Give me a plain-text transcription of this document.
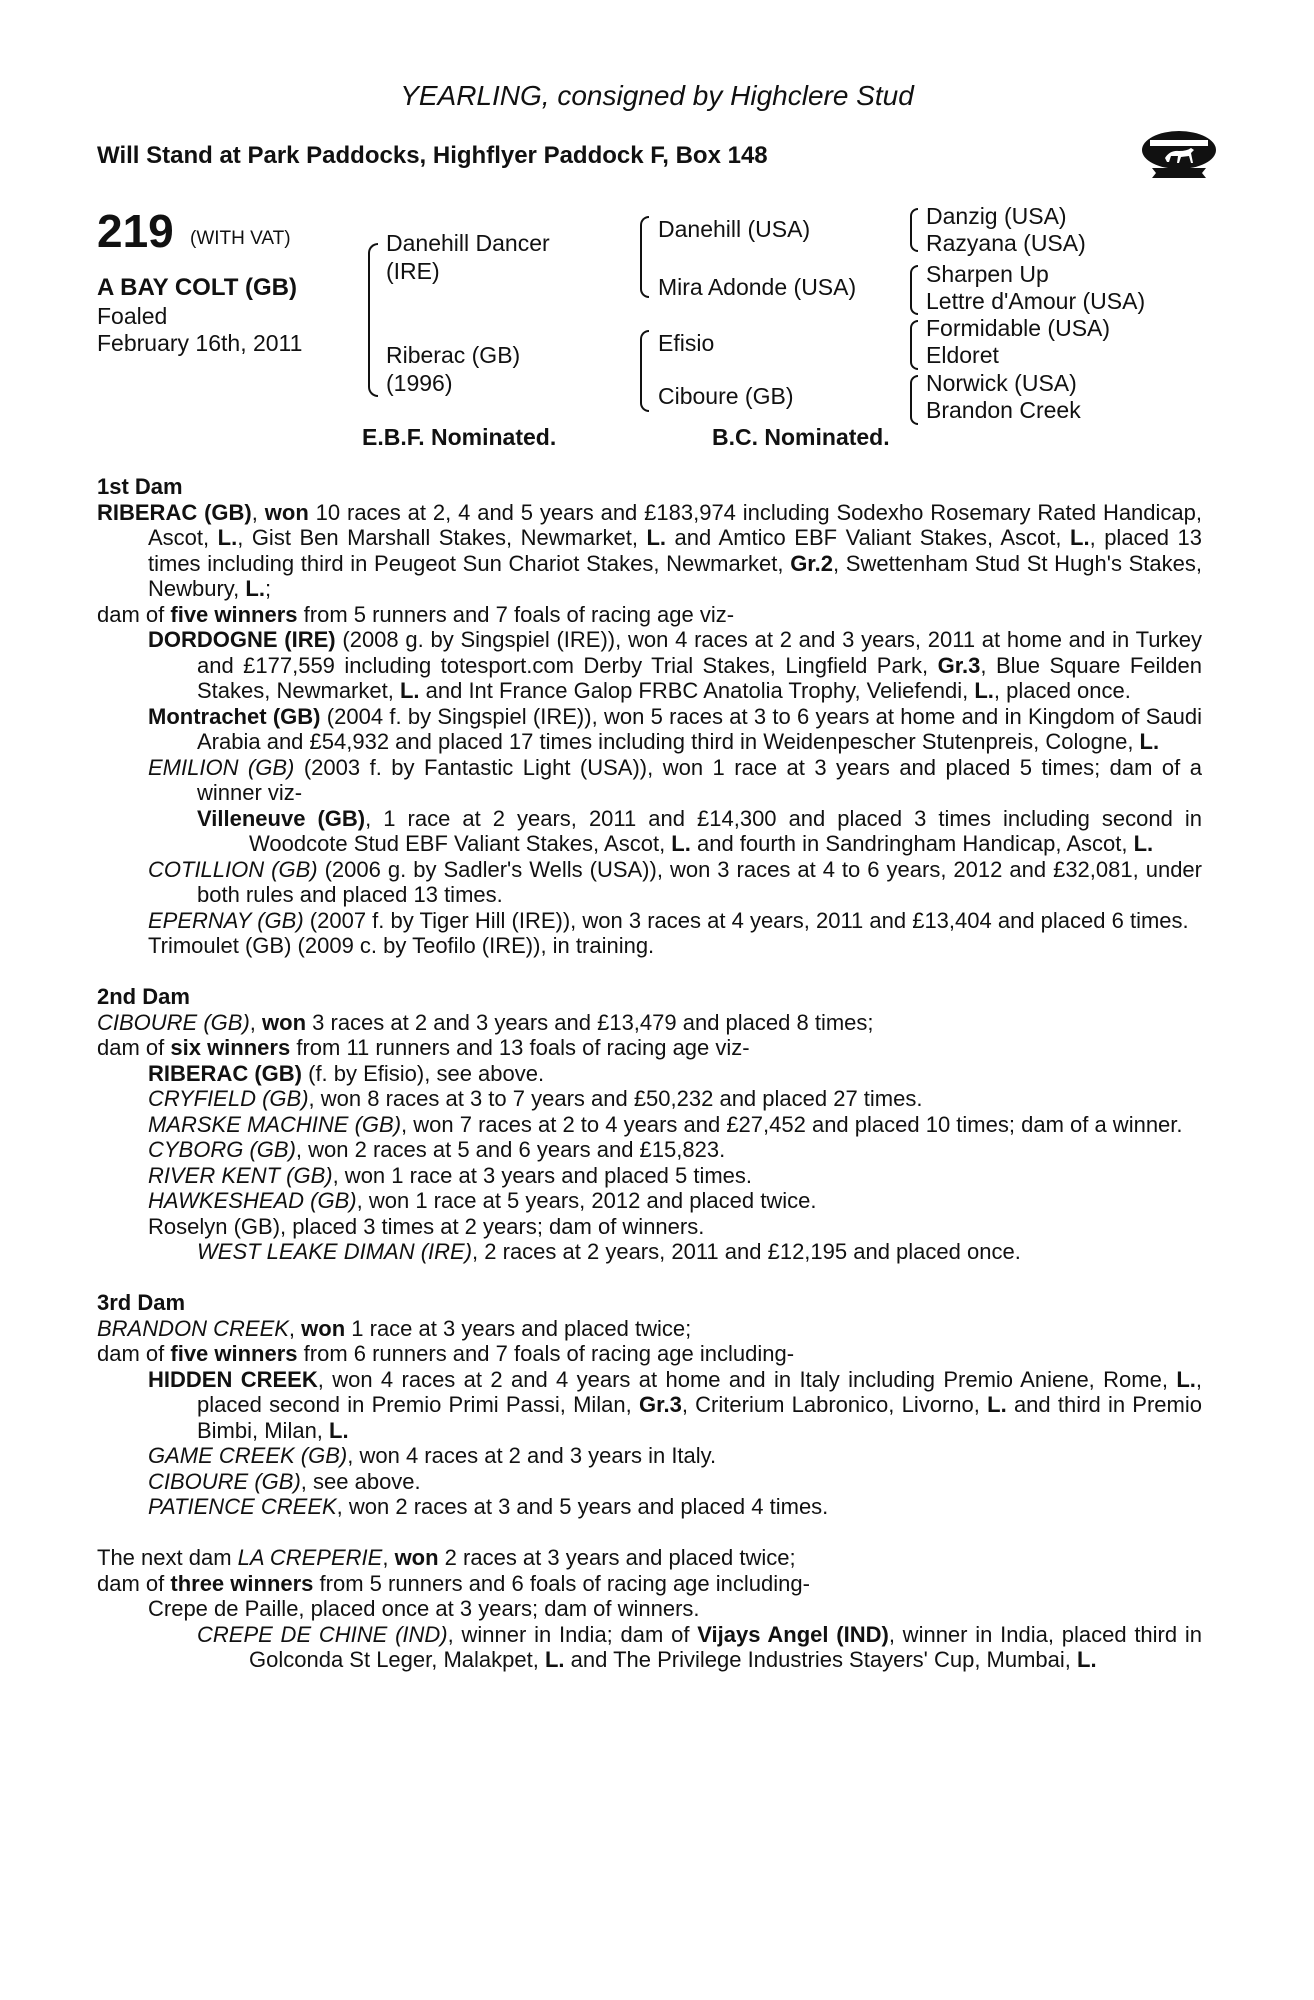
YEARLING, consigned by Highclere Stud
Will Stand at Park Paddocks, Highflyer Paddock F, Box 148
219 (WITH VAT)
A BAY COLT (GB)
Foaled
February 16th, 2011
Danehill Dancer
(IRE)
Riberac (GB)
(1996)
Danehill (USA)
Mira Adonde (USA)
Efisio
Ciboure (GB)
Danzig (USA)
Razyana (USA)
Sharpen Up
Lettre d'Amour (USA)
Formidable (USA)
Eldoret
Norwick (USA)
Brandon Creek
E.B.F. Nominated.	B.C. Nominated.
1st Dam
RIBERAC (GB), won 10 races at 2, 4 and 5 years and £183,974 including Sodexho Rosemary Rated Handicap, Ascot, L., Gist Ben Marshall Stakes, Newmarket, L. and Amtico EBF Valiant Stakes, Ascot, L., placed 13 times including third in Peugeot Sun Chariot Stakes, Newmarket, Gr.2, Swettenham Stud St Hugh's Stakes, Newbury, L.;
dam of five winners from 5 runners and 7 foals of racing age viz-
DORDOGNE (IRE) (2008 g. by Singspiel (IRE)), won 4 races at 2 and 3 years, 2011 at home and in Turkey and £177,559 including totesport.com Derby Trial Stakes, Lingfield Park, Gr.3, Blue Square Feilden Stakes, Newmarket, L. and Int France Galop FRBC Anatolia Trophy, Veliefendi, L., placed once.
Montrachet (GB) (2004 f. by Singspiel (IRE)), won 5 races at 3 to 6 years at home and in Kingdom of Saudi Arabia and £54,932 and placed 17 times including third in Weidenpescher Stutenpreis, Cologne, L.
EMILION (GB) (2003 f. by Fantastic Light (USA)), won 1 race at 3 years and placed 5 times; dam of a winner viz-
Villeneuve (GB), 1 race at 2 years, 2011 and £14,300 and placed 3 times including second in Woodcote Stud EBF Valiant Stakes, Ascot, L. and fourth in Sandringham Handicap, Ascot, L.
COTILLION (GB) (2006 g. by Sadler's Wells (USA)), won 3 races at 4 to 6 years, 2012 and £32,081, under both rules and placed 13 times.
EPERNAY (GB) (2007 f. by Tiger Hill (IRE)), won 3 races at 4 years, 2011 and £13,404 and placed 6 times.
Trimoulet (GB) (2009 c. by Teofilo (IRE)), in training.
2nd Dam
CIBOURE (GB), won 3 races at 2 and 3 years and £13,479 and placed 8 times;
dam of six winners from 11 runners and 13 foals of racing age viz-
RIBERAC (GB) (f. by Efisio), see above.
CRYFIELD (GB), won 8 races at 3 to 7 years and £50,232 and placed 27 times.
MARSKE MACHINE (GB), won 7 races at 2 to 4 years and £27,452 and placed 10 times; dam of a winner.
CYBORG (GB), won 2 races at 5 and 6 years and £15,823.
RIVER KENT (GB), won 1 race at 3 years and placed 5 times.
HAWKESHEAD (GB), won 1 race at 5 years, 2012 and placed twice.
Roselyn (GB), placed 3 times at 2 years; dam of winners.
WEST LEAKE DIMAN (IRE), 2 races at 2 years, 2011 and £12,195 and placed once.
3rd Dam
BRANDON CREEK, won 1 race at 3 years and placed twice;
dam of five winners from 6 runners and 7 foals of racing age including-
HIDDEN CREEK, won 4 races at 2 and 4 years at home and in Italy including Premio Aniene, Rome, L., placed second in Premio Primi Passi, Milan, Gr.3, Criterium Labronico, Livorno, L. and third in Premio Bimbi, Milan, L.
GAME CREEK (GB), won 4 races at 2 and 3 years in Italy.
CIBOURE (GB), see above.
PATIENCE CREEK, won 2 races at 3 and 5 years and placed 4 times.
The next dam LA CREPERIE, won 2 races at 3 years and placed twice;
dam of three winners from 5 runners and 6 foals of racing age including-
Crepe de Paille, placed once at 3 years; dam of winners.
CREPE DE CHINE (IND), winner in India; dam of Vijays Angel (IND), winner in India, placed third in Golconda St Leger, Malakpet, L. and The Privilege Industries Stayers' Cup, Mumbai, L.
